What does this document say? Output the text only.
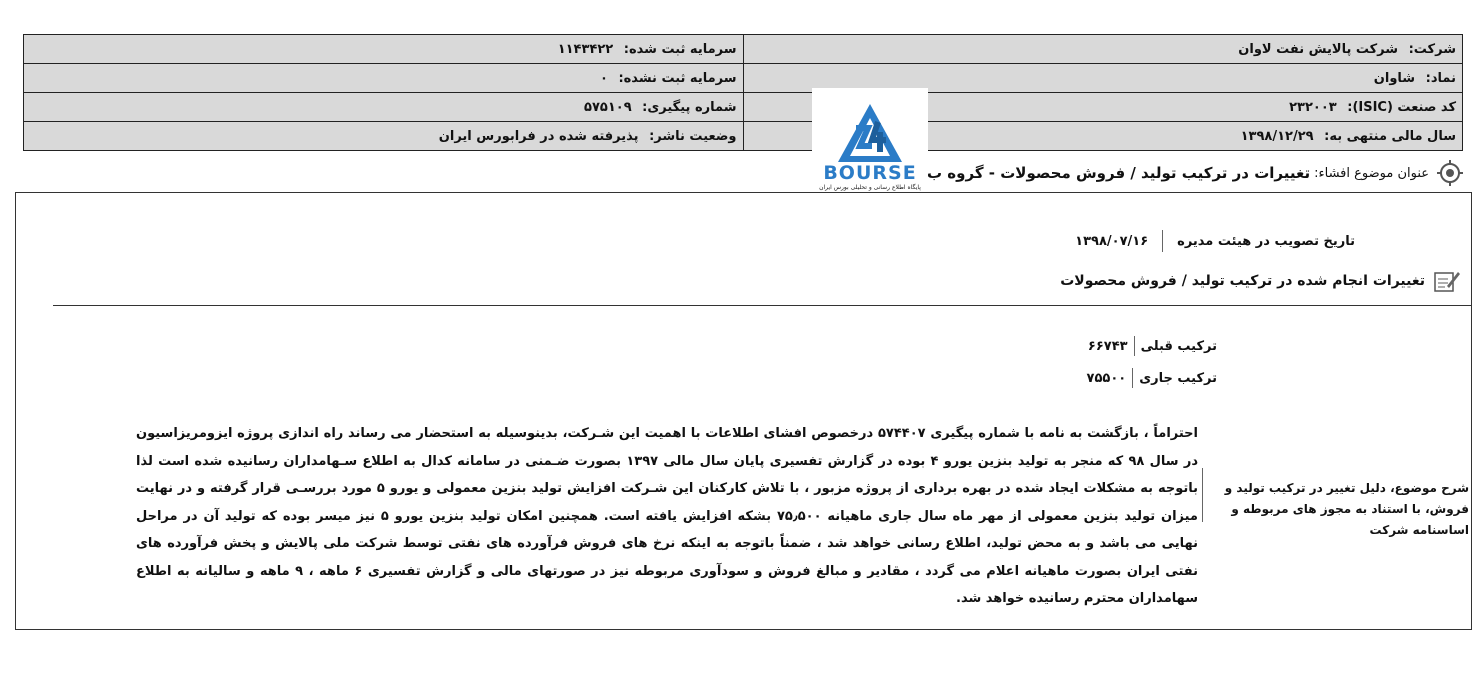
شرکت: شرکت پالایش نفت لاوان	سرمایه ثبت شده: ۱۱۴۳۴۲۲
نماد: شاوان	سرمایه ثبت نشده: ۰
کد صنعت (ISIC): ۲۳۲۰۰۳	شماره پیگیری: ۵۷۵۱۰۹
سال مالی منتهی به: ۱۳۹۸/۱۲/۲۹	وضعیت ناشر: پذیرفته شده در فرابورس ایران
BOURSE
پایگاه اطلاع رسانی و تحلیلی بورس ایران
عنوان موضوع افشاء:
تغییرات در ترکیب تولید / فروش محصولات - گروه ب
تاریخ تصویب در هیئت مدیره
۱۳۹۸/۰۷/۱۶
تغییرات انجام شده در ترکیب تولید / فروش محصولات
ترکیب قبلی
۶۶۷۴۳
ترکیب جاری
۷۵۵۰۰
شرح موضوع، دلیل تغییر در ترکیب تولید و فروش، با استناد به مجوز های مربوطه و اساسنامه شرکت
احتراماً ، بازگشت به نامه با شماره پیگیری ۵۷۴۴۰۷ درخصوص افشای اطلاعات با اهمیت این شـرکت، بدینوسیله به استحضار می رساند راه اندازی پروژه ایزومریزاسیون در سال ۹۸ که منجر به تولید بنزین یورو ۴ بوده در گزارش تفسیری پایان سال مالی ۱۳۹۷ بصورت ضـمنی در سامانه کدال به اطلاع سـهامداران رسانیده شده است لذا باتوجه به مشکلات ایجاد شده در بهره برداری از پروژه مزبور ، با تلاش کارکنان این شـرکت افزایش تولید بنزین معمولی و یورو ۵ مورد بررسـی قرار گرفته و در نهایت میزان تولید بنزین معمولی از مهر ماه سال جاری ماهیانه ۷۵٫۵۰۰ بشکه افزایش یافته است. همچنین امکان تولید بنزین یورو ۵ نیز میسر بوده که تولید آن در مراحل نهایی می باشد و به محض تولید، اطلاع رسانی خواهد شد ، ضمناً باتوجه به اینکه نرخ های فروش فرآورده های نفتی توسط شرکت ملی پالایش و پخش فرآورده های نفتی ایران بصورت ماهیانه اعلام می گردد ، مقادیر و مبالغ فروش و سودآوری مربوطه نیز در صورتهای مالی و گزارش تفسیری ۶ ماهه ، ۹ ماهه و سالیانه به اطلاع سهامداران محترم رسانیده خواهد شد.
